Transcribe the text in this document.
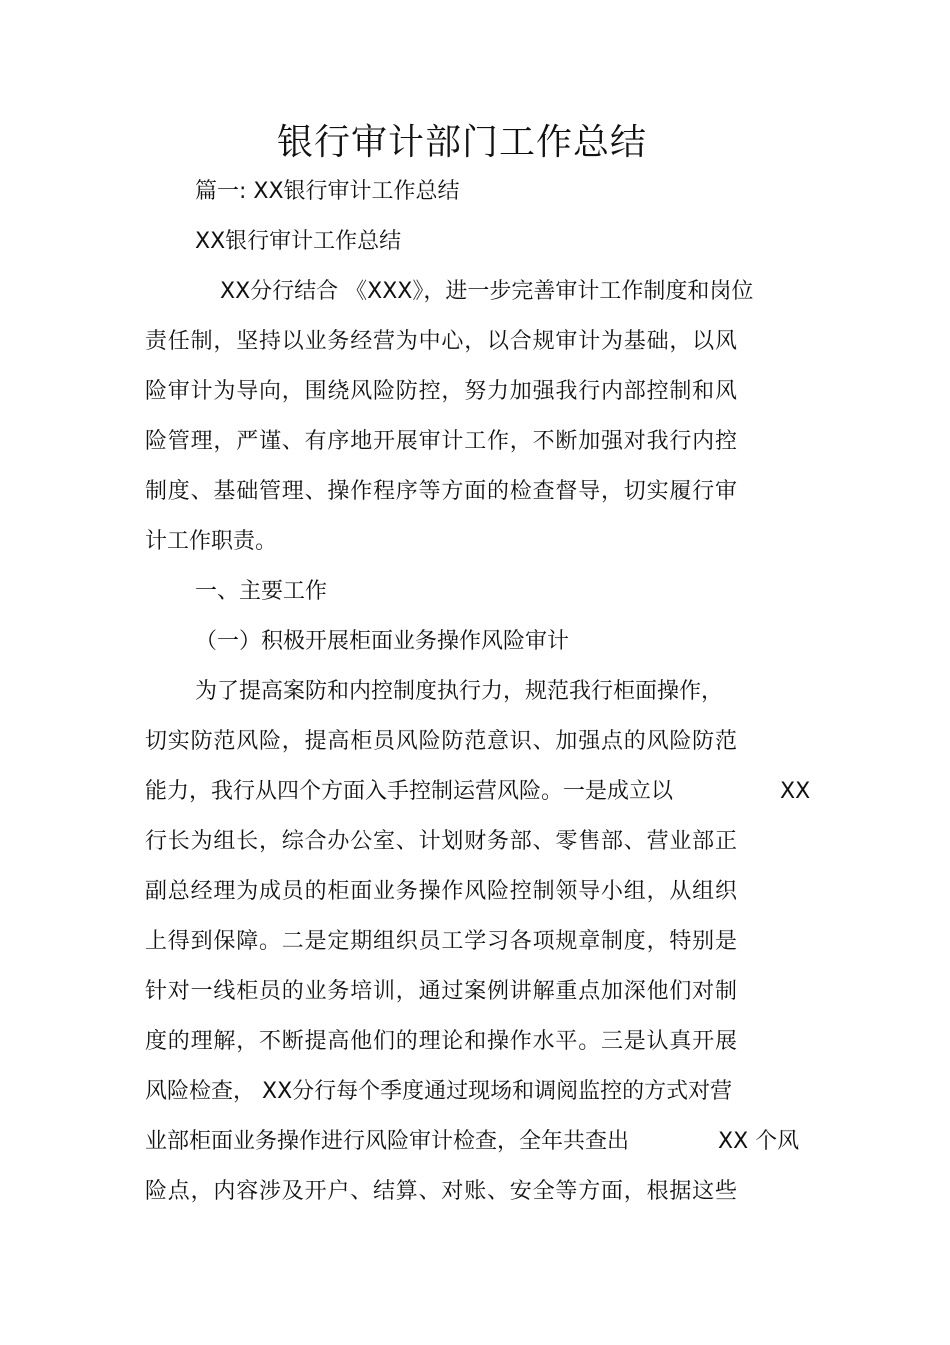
银行审计部门工作总结
篇一: XX银行审计工作总结
XX银行审计工作总结
XX分行结合 《XXX》，进一步完善审计工作制度和岗位
责任制，坚持以业务经营为中心，以合规审计为基础，以风
险审计为导向，围绕风险防控，努力加强我行内部控制和风
险管理，严谨、有序地开展审计工作，不断加强对我行内控
制度、基础管理、操作程序等方面的检查督导，切实履行审
计工作职责。
一、主要工作
（一）积极开展柜面业务操作风险审计
为了提高案防和内控制度执行力，规范我行柜面操作，
切实防范风险，提高柜员风险防范意识、加强点的风险防范
能力，我行从四个方面入手控制运营风险。一是成立以	XX
行长为组长，综合办公室、计划财务部、零售部、营业部正
副总经理为成员的柜面业务操作风险控制领导小组，从组织
上得到保障。二是定期组织员工学习各项规章制度，特别是
针对一线柜员的业务培训，通过案例讲解重点加深他们对制
度的理解，不断提高他们的理论和操作水平。三是认真开展
风险检查， XX分行每个季度通过现场和调阅监控的方式对营
业部柜面业务操作进行风险审计检查，全年共查出	XX 个风
险点，内容涉及开户、结算、对账、安全等方面，根据这些
